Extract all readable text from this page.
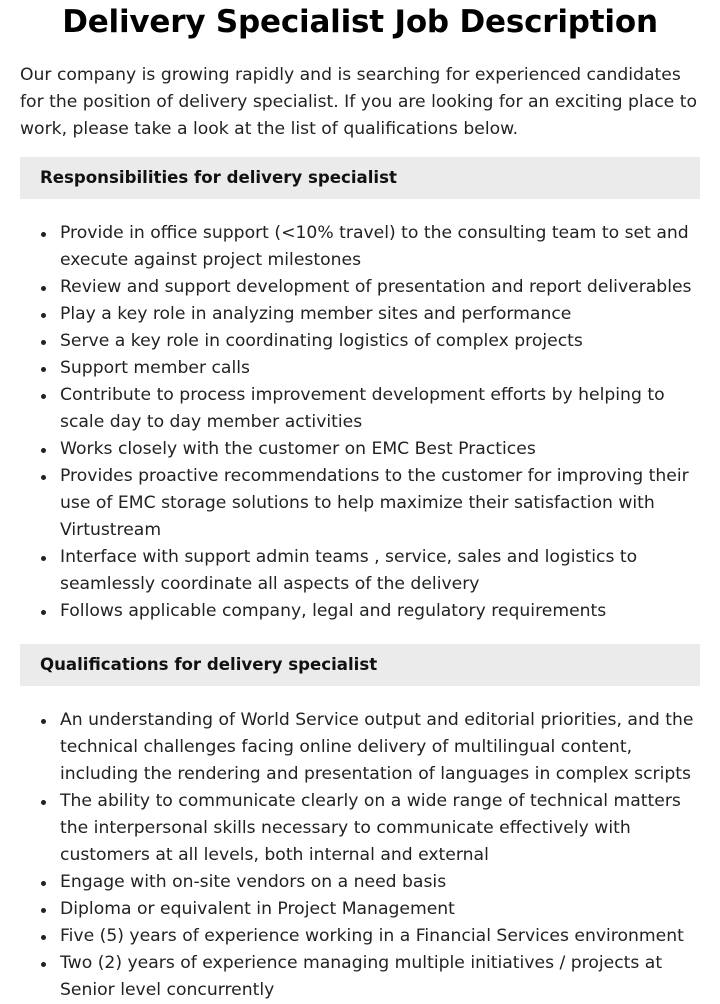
Delivery Specialist Job Description

Our company is growing rapidly and is searching for experienced candidates for the position of delivery specialist. If you are looking for an exciting place to work, please take a look at the list of qualifications below.

Responsibilities for delivery specialist
Provide in office support (<10% travel) to the consulting team to set and execute against project milestones
Review and support development of presentation and report deliverables
Play a key role in analyzing member sites and performance
Serve a key role in coordinating logistics of complex projects
Support member calls
Contribute to process improvement development efforts by helping to scale day to day member activities
Works closely with the customer on EMC Best Practices
Provides proactive recommendations to the customer for improving their use of EMC storage solutions to help maximize their satisfaction with Virtustream
Interface with support admin teams , service, sales and logistics to seamlessly coordinate all aspects of the delivery
Follows applicable company, legal and regulatory requirements
Qualifications for delivery specialist
An understanding of World Service output and editorial priorities, and the technical challenges facing online delivery of multilingual content, including the rendering and presentation of languages in complex scripts
The ability to communicate clearly on a wide range of technical matters the interpersonal skills necessary to communicate effectively with customers at all levels, both internal and external
Engage with on-site vendors on a need basis
Diploma or equivalent in Project Management
Five (5) years of experience working in a Financial Services environment
Two (2) years of experience managing multiple initiatives / projects at Senior level concurrently
